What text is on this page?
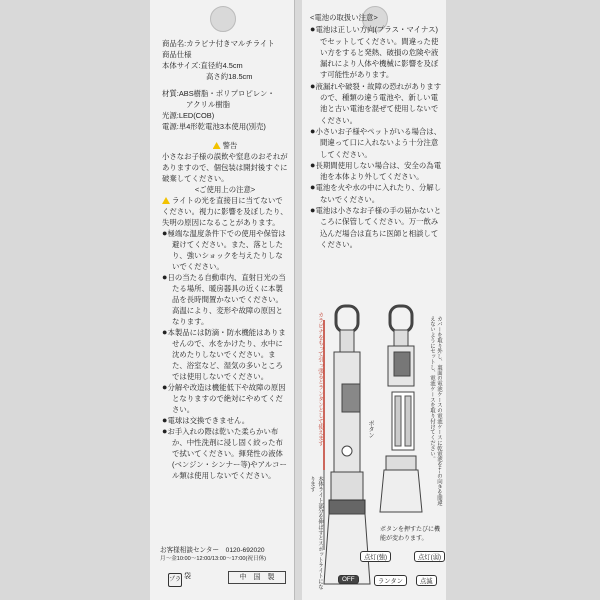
商品名:カラビナ付きマルチライト
商品仕様
本体サイズ:直径約4.5cm
高さ約18.5cm
材質:ABS樹脂・ポリプロピレン・
アクリル樹脂
光源:LED(COB)
電源:単4形乾電池3本使用(別売)
警告
小さなお子様の誤飲や窒息のおそれがありますので、個包装は開封後すぐに破棄してください。
<ご使用上の注意>
ライトの光を直接目に当てないでください。視力に影響を及ぼしたり、失明の原因になることがあります。
●極端な温度条件下での使用や保管は避けてください。また、落としたり、強いショックを与えたりしないでください。
●日の当たる自動車内、直射日光の当たる場所、暖房器具の近くに本製品を長時間置かないでください。高温により、変形や故障の原因となります。
●本製品には防滴・防水機能はありませんので、水をかけたり、水中に沈めたりしないでください。また、浴室など、湿気の多いところでは使用しないでください。
●分解や改造は機能低下や故障の原因となりますので絶対にやめてください。
●電球は交換できません。
●お手入れの際は乾いた柔らかい布か、中性洗剤に浸し固く絞った布で拭いてください。揮発性の液体(ベンジン・シンナー等)やアルコール類は使用しないでください。
お客様相談センター　0120-692020
月〜金10:00〜12:00/13:00〜17:00(祝日休)
プラ 袋	中　国　製
<電池の取扱い注意>
●電池は正しい方向(プラス・マイナス)でセットしてください。間違った使い方をすると発熱、破損の危険や液漏れにより人体や機械に影響を及ぼす可能性があります。
●液漏れや破裂・故障の恐れがありますので、種類の違う電池や、新しい電池と古い電池を混ぜて使用しないでください。
●小さいお子様やペットがいる場合は、間違って口に入れないよう十分注意してください。
●長期間使用しない場合は、安全の為電池を本体より外してください。
●電池を火や水の中に入れたり、分解しないでください。
●電池は小さなお子様の手の届かないところに保管してください。万一飲み込んだ場合は直ちに医師と相談してください。
カラビナをもって引っ張るとランタンとして使えます
本体ライト部分を伸ばすとスポットライトになります
ボタン	カバーを取り外し、裏面の電池ケースの電池ケースに乾電池を+−の向きを間違えないようにセットし、電池ケースを取り付けてください。
ボタンを押すたびに機能が変わります。
点灯(強)	点灯(弱)
OFF	ランタン	点滅
